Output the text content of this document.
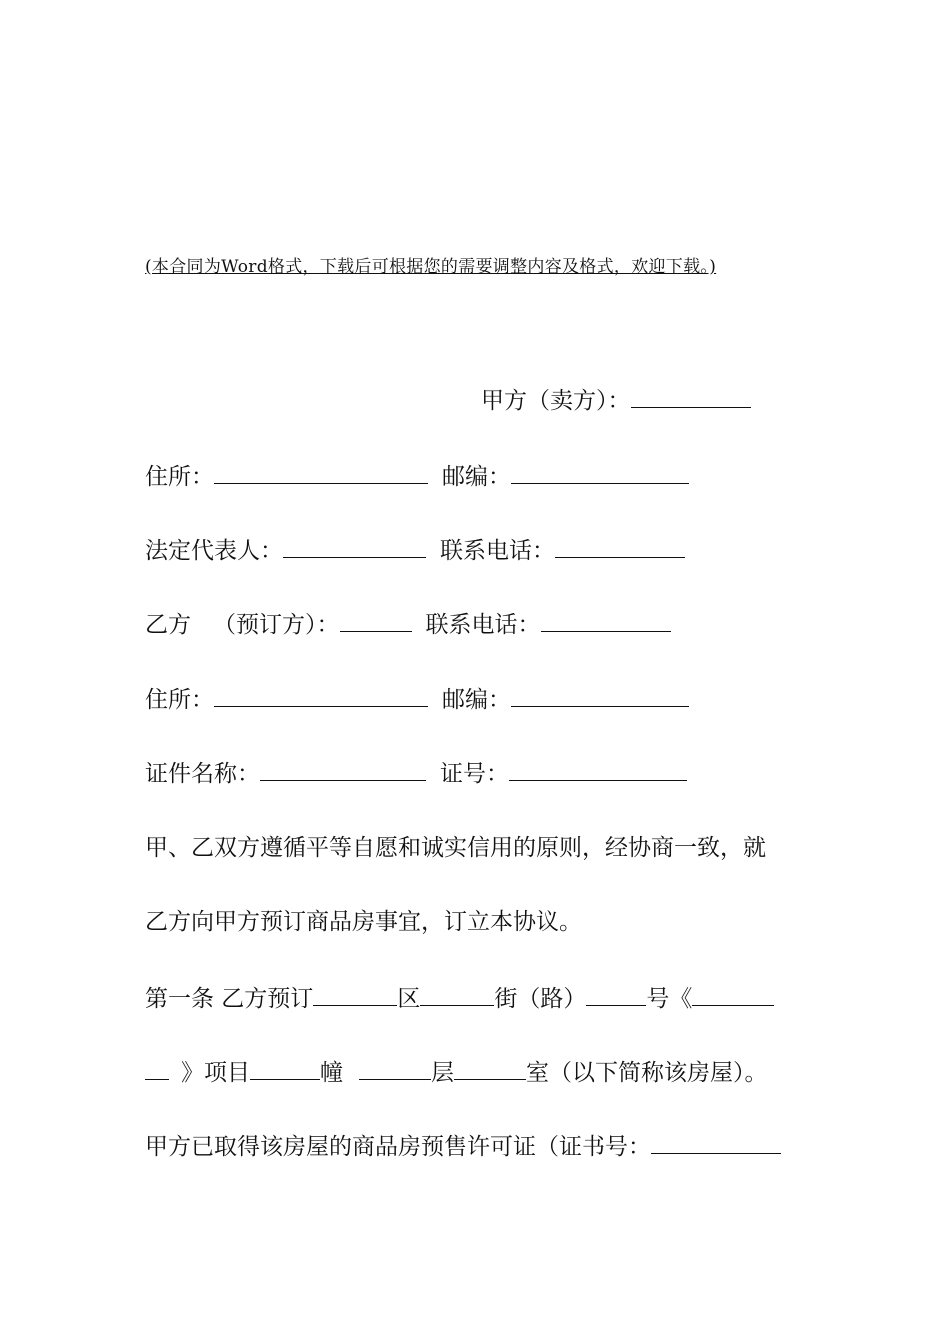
(本合同为Word格式，下载后可根据您的需要调整内容及格式，欢迎下载。)
甲方（卖方）：
住所：	邮编：
法定代表人：	联系电话：
乙方 （预订方）：	联系电话：
住所：	邮编：
证件名称：	证号：
甲、乙双方遵循平等自愿和诚实信用的原则，经协商一致，就
乙方向甲方预订商品房事宜，订立本协议。
第一条 乙方预订	区	街（路）	号《
》项目	幢	层	室（以下简称该房屋）。
甲方已取得该房屋的商品房预售许可证（证书号：
